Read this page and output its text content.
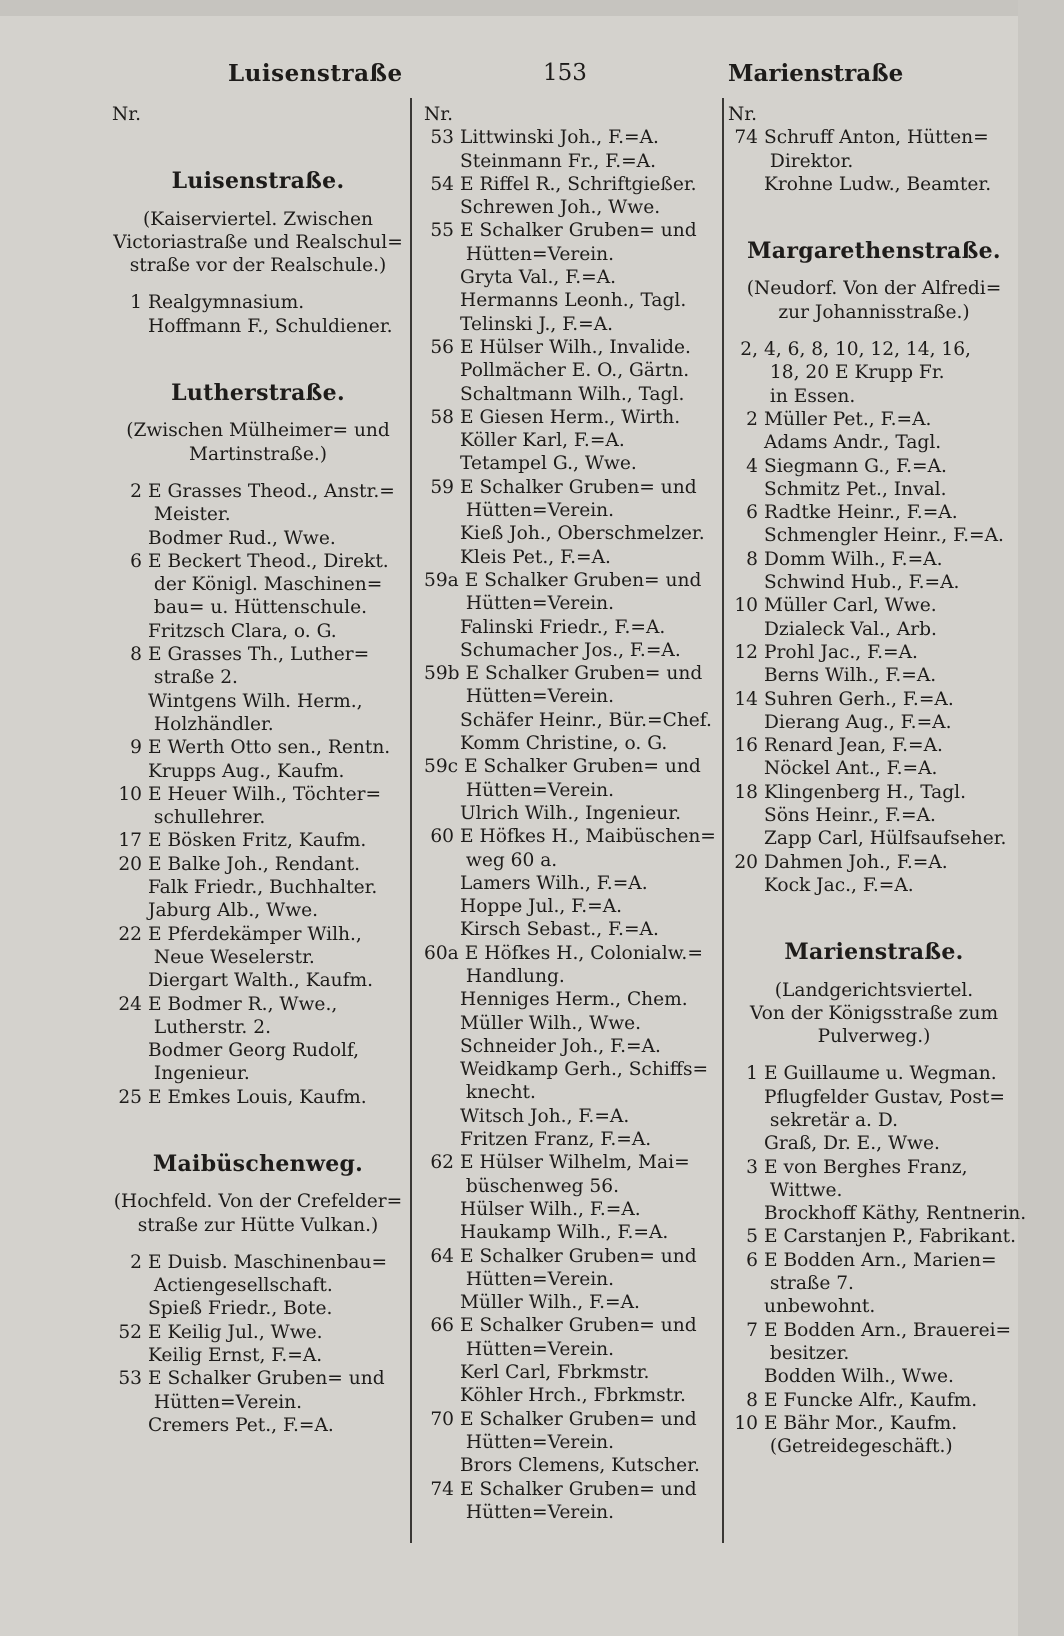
Luisenstraße	153	Marienstraße
Nr.
Luisenstraße.
(Kaiserviertel. Zwischen
Victoriastraße und Realschul=
straße vor der Realschule.)
1 Realgymnasium.
Hoffmann F., Schuldiener.
Lutherstraße.
(Zwischen Mülheimer= und
Martinstraße.)
2 E Grasses Theod., Anstr.=
Meister.
Bodmer Rud., Wwe.
6 E Beckert Theod., Direkt.
der Königl. Maschinen=
bau= u. Hüttenschule.
Fritzsch Clara, o. G.
8 E Grasses Th., Luther=
straße 2.
Wintgens Wilh. Herm.,
Holzhändler.
9 E Werth Otto sen., Rentn.
Krupps Aug., Kaufm.
10 E Heuer Wilh., Töchter=
schullehrer.
17 E Bösken Fritz, Kaufm.
20 E Balke Joh., Rendant.
Falk Friedr., Buchhalter.
Jaburg Alb., Wwe.
22 E Pferdekämper Wilh.,
Neue Weselerstr.
Diergart Walth., Kaufm.
24 E Bodmer R., Wwe.,
Lutherstr. 2.
Bodmer Georg Rudolf,
Ingenieur.
25 E Emkes Louis, Kaufm.
Maibüschenweg.
(Hochfeld. Von der Crefelder=
straße zur Hütte Vulkan.)
2 E Duisb. Maschinenbau=
Actiengesellschaft.
Spieß Friedr., Bote.
52 E Keilig Jul., Wwe.
Keilig Ernst, F.=A.
53 E Schalker Gruben= und
Hütten=Verein.
Cremers Pet., F.=A.
Nr.
53 Littwinski Joh., F.=A.
Steinmann Fr., F.=A.
54 E Riffel R., Schriftgießer.
Schrewen Joh., Wwe.
55 E Schalker Gruben= und
Hütten=Verein.
Gryta Val., F.=A.
Hermanns Leonh., Tagl.
Telinski J., F.=A.
56 E Hülser Wilh., Invalide.
Pollmächer E. O., Gärtn.
Schaltmann Wilh., Tagl.
58 E Giesen Herm., Wirth.
Köller Karl, F.=A.
Tetampel G., Wwe.
59 E Schalker Gruben= und
Hütten=Verein.
Kieß Joh., Oberschmelzer.
Kleis Pet., F.=A.
59a E Schalker Gruben= und
Hütten=Verein.
Falinski Friedr., F.=A.
Schumacher Jos., F.=A.
59b E Schalker Gruben= und
Hütten=Verein.
Schäfer Heinr., Bür.=Chef.
Komm Christine, o. G.
59c E Schalker Gruben= und
Hütten=Verein.
Ulrich Wilh., Ingenieur.
60 E Höfkes H., Maibüschen=
weg 60 a.
Lamers Wilh., F.=A.
Hoppe Jul., F.=A.
Kirsch Sebast., F.=A.
60a E Höfkes H., Colonialw.=
Handlung.
Henniges Herm., Chem.
Müller Wilh., Wwe.
Schneider Joh., F.=A.
Weidkamp Gerh., Schiffs=
knecht.
Witsch Joh., F.=A.
Fritzen Franz, F.=A.
62 E Hülser Wilhelm, Mai=
büschenweg 56.
Hülser Wilh., F.=A.
Haukamp Wilh., F.=A.
64 E Schalker Gruben= und
Hütten=Verein.
Müller Wilh., F.=A.
66 E Schalker Gruben= und
Hütten=Verein.
Kerl Carl, Fbrkmstr.
Köhler Hrch., Fbrkmstr.
70 E Schalker Gruben= und
Hütten=Verein.
Brors Clemens, Kutscher.
74 E Schalker Gruben= und
Hütten=Verein.
Nr.
74 Schruff Anton, Hütten=
Direktor.
Krohne Ludw., Beamter.
Margarethenstraße.
(Neudorf. Von der Alfredi=
zur Johannisstraße.)
2, 4, 6, 8, 10, 12, 14, 16,
18, 20 E Krupp Fr.
in Essen.
2 Müller Pet., F.=A.
Adams Andr., Tagl.
4 Siegmann G., F.=A.
Schmitz Pet., Inval.
6 Radtke Heinr., F.=A.
Schmengler Heinr., F.=A.
8 Domm Wilh., F.=A.
Schwind Hub., F.=A.
10 Müller Carl, Wwe.
Dzialeck Val., Arb.
12 Prohl Jac., F.=A.
Berns Wilh., F.=A.
14 Suhren Gerh., F.=A.
Dierang Aug., F.=A.
16 Renard Jean, F.=A.
Nöckel Ant., F.=A.
18 Klingenberg H., Tagl.
Söns Heinr., F.=A.
Zapp Carl, Hülfsaufseher.
20 Dahmen Joh., F.=A.
Kock Jac., F.=A.
Marienstraße.
(Landgerichtsviertel.
Von der Königsstraße zum
Pulverweg.)
1 E Guillaume u. Wegman.
Pflugfelder Gustav, Post=
sekretär a. D.
Graß, Dr. E., Wwe.
3 E von Berghes Franz,
Wittwe.
Brockhoff Käthy, Rentnerin.
5 E Carstanjen P., Fabrikant.
6 E Bodden Arn., Marien=
straße 7.
unbewohnt.
7 E Bodden Arn., Brauerei=
besitzer.
Bodden Wilh., Wwe.
8 E Funcke Alfr., Kaufm.
10 E Bähr Mor., Kaufm.
(Getreidegeschäft.)
